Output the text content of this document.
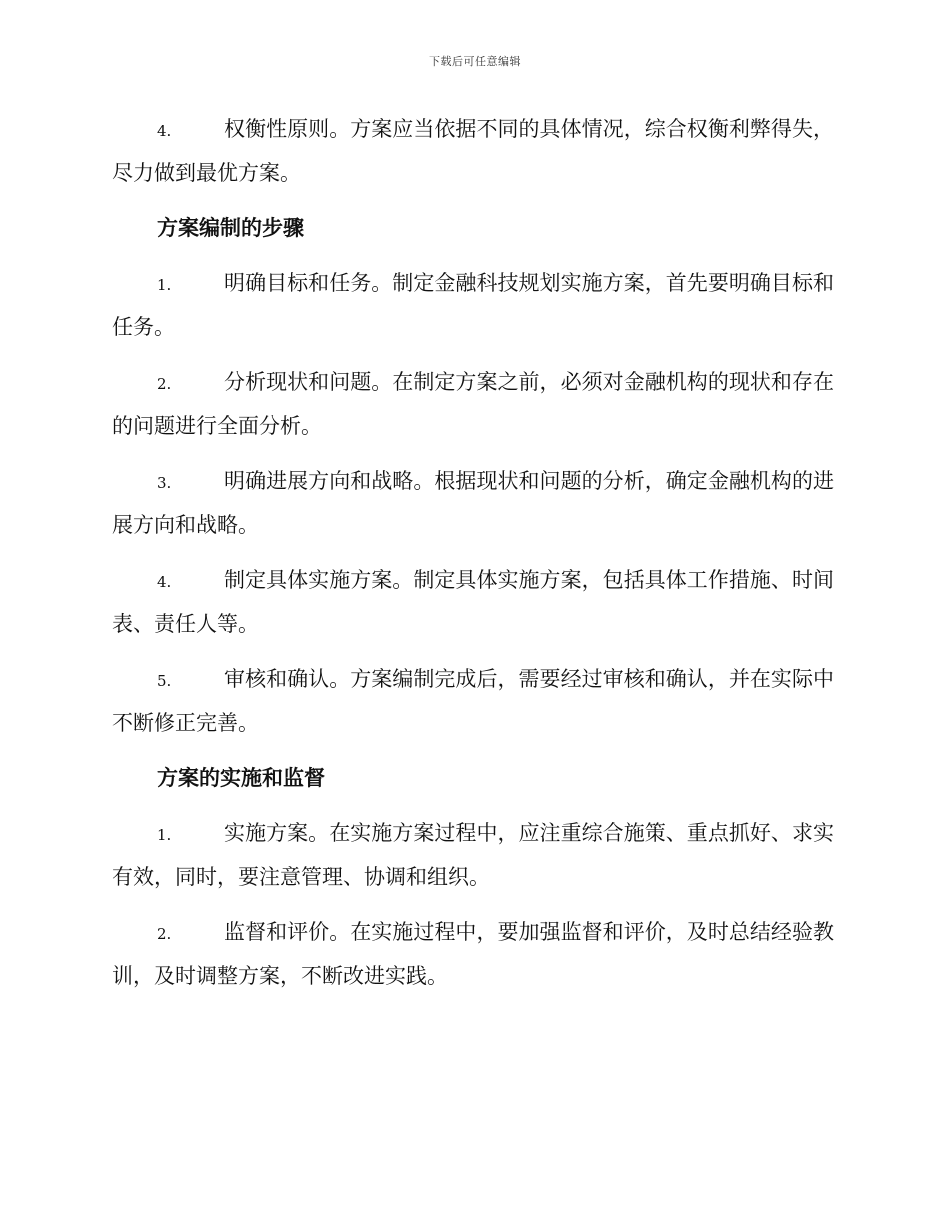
下载后可任意编辑

4.	权衡性原则。方案应当依据不同的具体情况，综合权衡利弊得失，尽力做到最优方案。

方案编制的步骤

1.	明确目标和任务。制定金融科技规划实施方案，首先要明确目标和任务。

2.	分析现状和问题。在制定方案之前，必须对金融机构的现状和存在的问题进行全面分析。

3.	明确进展方向和战略。根据现状和问题的分析，确定金融机构的进展方向和战略。

4.	制定具体实施方案。制定具体实施方案，包括具体工作措施、时间表、责任人等。

5.	审核和确认。方案编制完成后，需要经过审核和确认，并在实际中不断修正完善。

方案的实施和监督

1.	实施方案。在实施方案过程中，应注重综合施策、重点抓好、求实有效，同时，要注意管理、协调和组织。

2.	监督和评价。在实施过程中，要加强监督和评价，及时总结经验教训，及时调整方案，不断改进实践。
